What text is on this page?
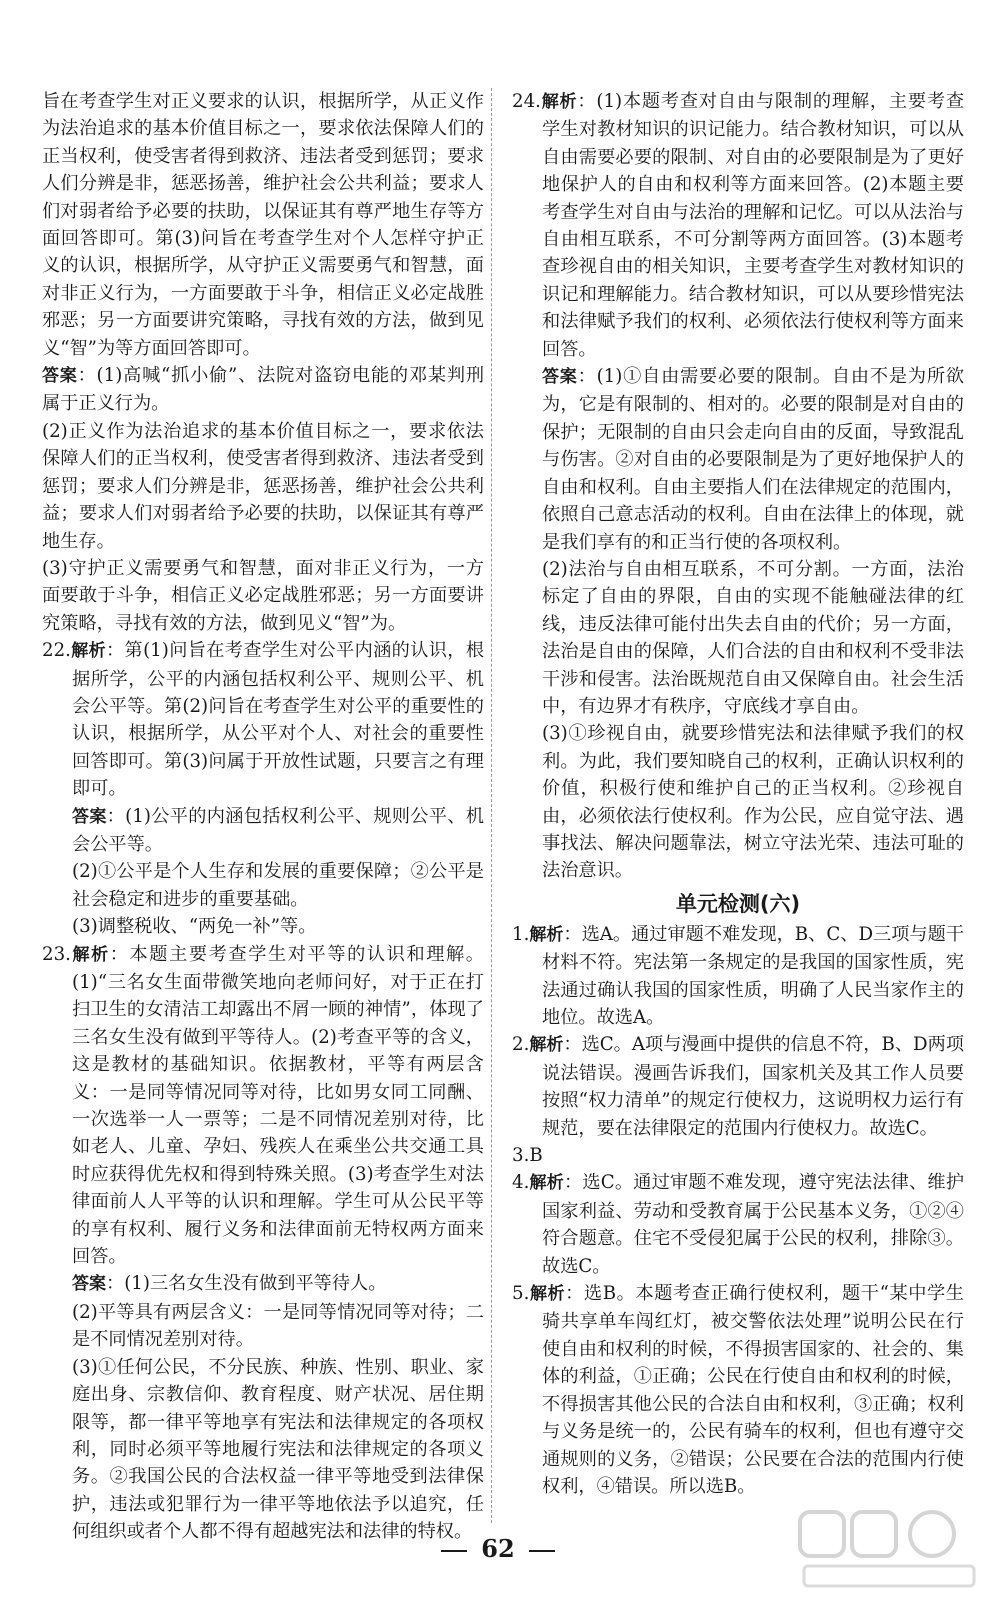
旨在考查学生对正义要求的认识，根据所学，从正义作为法治追求的基本价值目标之一，要求依法保障人们的正当权利，使受害者得到救济、违法者受到惩罚；要求人们分辨是非，惩恶扬善，维护社会公共利益；要求人们对弱者给予必要的扶助，以保证其有尊严地生存等方面回答即可。第(3)问旨在考查学生对个人怎样守护正义的认识，根据所学，从守护正义需要勇气和智慧，面对非正义行为，一方面要敢于斗争，相信正义必定战胜邪恶；另一方面要讲究策略，寻找有效的方法，做到见义“智”为等方面回答即可。

答案：(1)高喊“抓小偷”、法院对盗窃电能的邓某判刑属于正义行为。

(2)正义作为法治追求的基本价值目标之一，要求依法保障人们的正当权利，使受害者得到救济、违法者受到惩罚；要求人们分辨是非，惩恶扬善，维护社会公共利益；要求人们对弱者给予必要的扶助，以保证其有尊严地生存。

(3)守护正义需要勇气和智慧，面对非正义行为，一方面要敢于斗争，相信正义必定战胜邪恶；另一方面要讲究策略，寻找有效的方法，做到见义“智”为。

22.解析：第(1)问旨在考查学生对公平内涵的认识，根据所学，公平的内涵包括权利公平、规则公平、机会公平等。第(2)问旨在考查学生对公平的重要性的认识，根据所学，从公平对个人、对社会的重要性回答即可。第(3)问属于开放性试题，只要言之有理即可。

答案：(1)公平的内涵包括权利公平、规则公平、机会公平等。

(2)①公平是个人生存和发展的重要保障；②公平是社会稳定和进步的重要基础。

(3)调整税收、“两免一补”等。

23.解析：本题主要考查学生对平等的认识和理解。(1)“三名女生面带微笑地向老师问好，对于正在打扫卫生的女清洁工却露出不屑一顾的神情”，体现了三名女生没有做到平等待人。(2)考查平等的含义，这是教材的基础知识。依据教材，平等有两层含义：一是同等情况同等对待，比如男女同工同酬、一次选举一人一票等；二是不同情况差别对待，比如老人、儿童、孕妇、残疾人在乘坐公共交通工具时应获得优先权和得到特殊关照。(3)考查学生对法律面前人人平等的认识和理解。学生可从公民平等的享有权利、履行义务和法律面前无特权两方面来回答。

答案：(1)三名女生没有做到平等待人。

(2)平等具有两层含义：一是同等情况同等对待；二是不同情况差别对待。

(3)①任何公民，不分民族、种族、性别、职业、家庭出身、宗教信仰、教育程度、财产状况、居住期限等，都一律平等地享有宪法和法律规定的各项权利，同时必须平等地履行宪法和法律规定的各项义务。②我国公民的合法权益一律平等地受到法律保护，违法或犯罪行为一律平等地依法予以追究，任何组织或者个人都不得有超越宪法和法律的特权。

24.解析：(1)本题考查对自由与限制的理解，主要考查学生对教材知识的识记能力。结合教材知识，可以从自由需要必要的限制、对自由的必要限制是为了更好地保护人的自由和权利等方面来回答。(2)本题主要考查学生对自由与法治的理解和记忆。可以从法治与自由相互联系，不可分割等两方面回答。(3)本题考查珍视自由的相关知识，主要考查学生对教材知识的识记和理解能力。结合教材知识，可以从要珍惜宪法和法律赋予我们的权利、必须依法行使权利等方面来回答。

答案：(1)①自由需要必要的限制。自由不是为所欲为，它是有限制的、相对的。必要的限制是对自由的保护；无限制的自由只会走向自由的反面，导致混乱与伤害。②对自由的必要限制是为了更好地保护人的自由和权利。自由主要指人们在法律规定的范围内，依照自己意志活动的权利。自由在法律上的体现，就是我们享有的和正当行使的各项权利。

(2)法治与自由相互联系，不可分割。一方面，法治标定了自由的界限，自由的实现不能触碰法律的红线，违反法律可能付出失去自由的代价；另一方面，法治是自由的保障，人们合法的自由和权利不受非法干涉和侵害。法治既规范自由又保障自由。社会生活中，有边界才有秩序，守底线才享自由。

(3)①珍视自由，就要珍惜宪法和法律赋予我们的权利。为此，我们要知晓自己的权利，正确认识权利的价值，积极行使和维护自己的正当权利。②珍视自由，必须依法行使权利。作为公民，应自觉守法、遇事找法、解决问题靠法，树立守法光荣、违法可耻的法治意识。

单元检测(六)

1.解析：选A。通过审题不难发现，B、C、D三项与题干材料不符。宪法第一条规定的是我国的国家性质，宪法通过确认我国的国家性质，明确了人民当家作主的地位。故选A。

2.解析：选C。A项与漫画中提供的信息不符，B、D两项说法错误。漫画告诉我们，国家机关及其工作人员要按照“权力清单”的规定行使权力，这说明权力运行有规范，要在法律限定的范围内行使权力。故选C。

3.B

4.解析：选C。通过审题不难发现，遵守宪法法律、维护国家利益、劳动和受教育属于公民基本义务，①②④符合题意。住宅不受侵犯属于公民的权利，排除③。故选C。

5.解析：选B。本题考查正确行使权利，题干“某中学生骑共享单车闯红灯，被交警依法处理”说明公民在行使自由和权利的时候，不得损害国家的、社会的、集体的利益，①正确；公民在行使自由和权利的时候，不得损害其他公民的合法自由和权利，③正确；权利与义务是统一的，公民有骑车的权利，但也有遵守交通规则的义务，②错误；公民要在合法的范围内行使权利，④错误。所以选B。

62
